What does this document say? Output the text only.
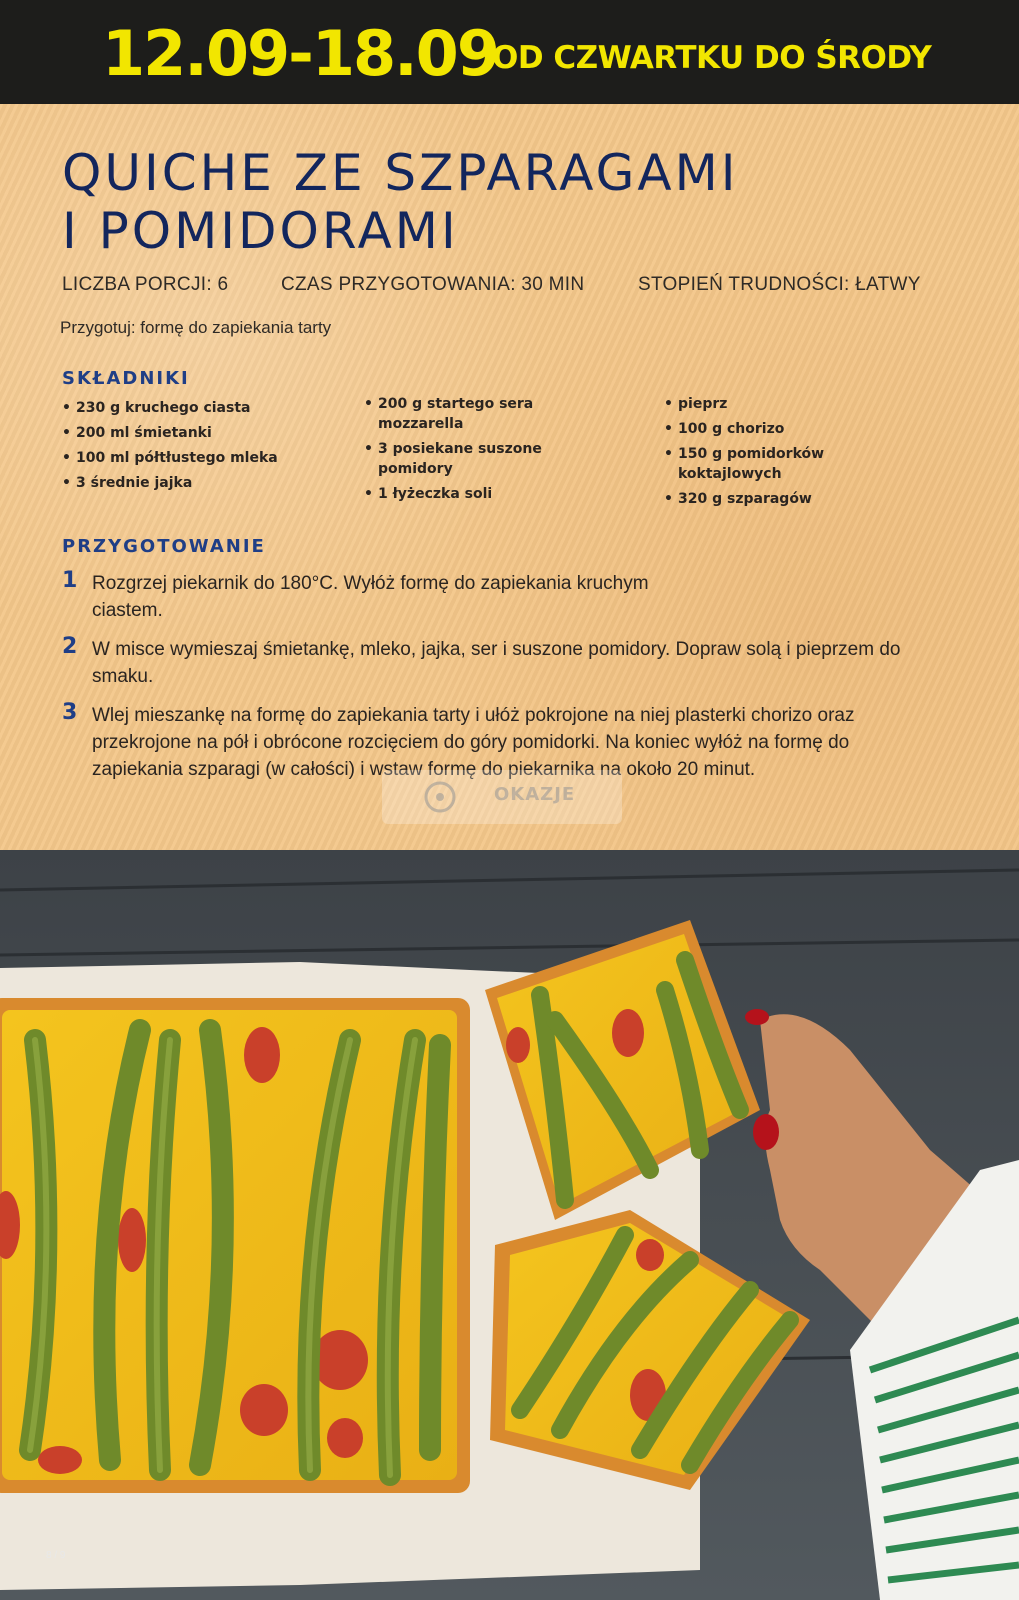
12.09-18.09
OD CZWARTKU DO ŚRODY
QUICHE ZE SZPARAGAMI
I POMIDORAMI
LICZBA PORCJI: 6	CZAS PRZYGOTOWANIA: 30 MIN	STOPIEŃ TRUDNOŚCI: ŁATWY
Przygotuj: formę do zapiekania tarty
SKŁADNIKI
• 230 g kruchego ciasta
• 200 ml śmietanki
• 100 ml półtłustego mleka
• 3 średnie jajka
• 200 g startego sera mozzarella
• 3 posiekane suszone pomidory
• 1 łyżeczka soli
• pieprz
• 100 g chorizo
• 150 g pomidorków koktajlowych
• 320 g szparagów
PRZYGOTOWANIE
1 Rozgrzej piekarnik do 180°C. Wyłóż formę do zapiekania kruchym ciastem.

2 W misce wymieszaj śmietankę, mleko, jajka, ser i suszone pomidory. Dopraw solą i pieprzem do smaku.

3 Wlej mieszankę na formę do zapiekania tarty i ułóż pokrojone na niej plasterki chorizo oraz przekrojone na pół i obrócone rozcięciem do góry pomidorki. Na koniec wyłóż na formę do zapiekania szparagi (w całości) i wstaw formę do piekarnika na około 20 minut.

OKAZJE
8 / 9
